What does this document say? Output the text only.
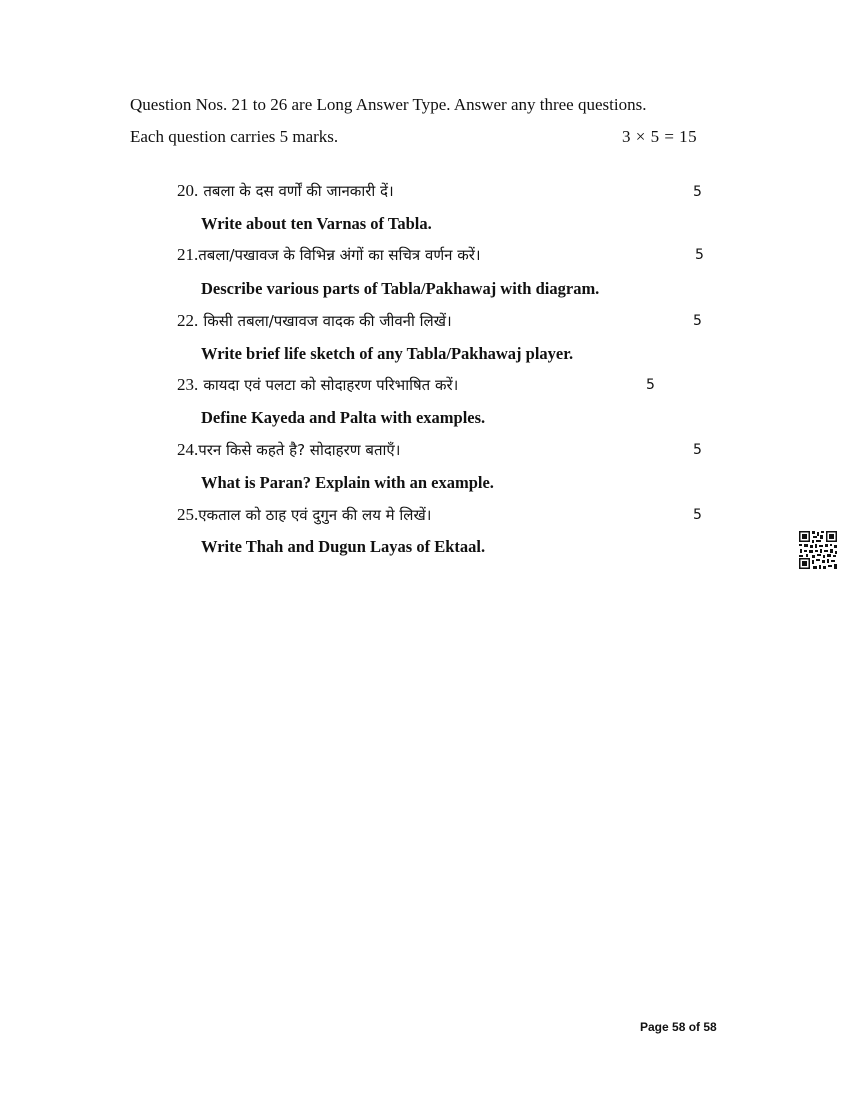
Question Nos. 21 to 26 are Long Answer Type. Answer any three questions.
Each question carries 5 marks.	3 × 5 = 15
20. तबला के दस वर्णों की जानकारी दें।	5
Write about ten Varnas of Tabla.
21.तबला/पखावज के विभिन्न अंगों का सचित्र वर्णन करें।	5
Describe various parts of Tabla/Pakhawaj with diagram.
22. किसी तबला/पखावज वादक की जीवनी लिखें।	5
Write brief life sketch of any Tabla/Pakhawaj player.
23. कायदा एवं पलटा को सोदाहरण परिभाषित करें।	5
Define Kayeda and Palta with examples.
24.परन किसे कहते है? सोदाहरण बताएँ।	5
What is Paran? Explain with an example.
25.एकताल को ठाह एवं दुगुन की लय मे लिखें।	5
Write Thah and Dugun Layas of Ektaal.
Page 58 of 58
